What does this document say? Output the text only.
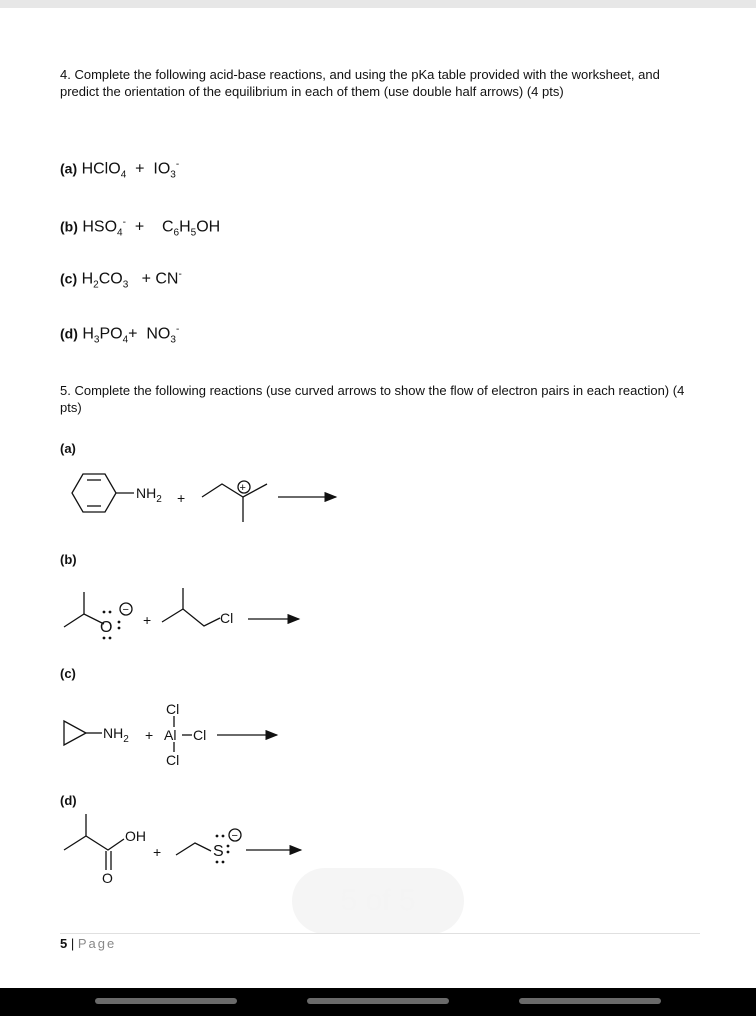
4. Complete the following acid-base reactions, and using the pKa table provided with the worksheet, and predict the orientation of the equilibrium in each of them (use double half arrows) (4 pts)
(a) HClO$_4$  +  $IO_3^-$
(b) $HSO_4^-$  +    $C_6H_5OH$
(c) $H_2CO_3 + CN^-$
(d) $H_3PO_4+ NO_3^-$
5. Complete the following reactions (use curved arrows to show the flow of electron pairs in each reaction) (4 pts)
(a)
(b)
(c)
(d)
$NH_2$ +
+
O
−
+	Cl
$NH_2$ +
Cl
Al Cl
Cl
OH
O
+	S
−
5 of 5
5 | Page
